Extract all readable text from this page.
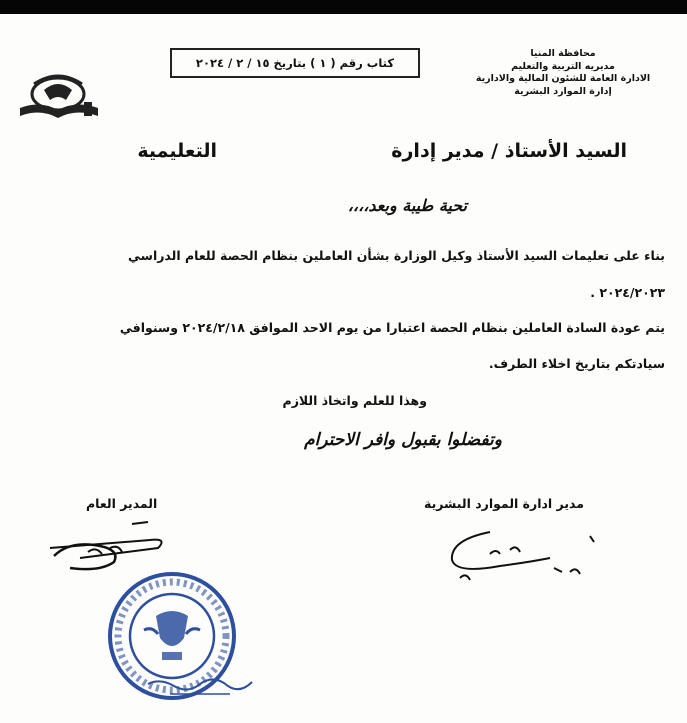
كتاب رقم ( ١ ) بتاريخ ١٥ / ٢ / ٢٠٢٤
محافظة المنيا
مديريه التربية والتعليم
الادارة العامة للشئون المالية والادارية
إدارة الموارد البشرية
السيد الأستاذ / مدير إدارة
التعليمية
تحية طيبة وبعد،،،،
بناء على تعليمات السيد الأستاذ وكيل الوزارة بشأن العاملين بنظام الحصة للعام الدراسي
٢٠٢٤/٢٠٢٣ .
يتم عودة السادة العاملين بنظام الحصة اعتبارا من يوم الاحد الموافق ٢٠٢٤/٢/١٨ وسنوافي
سيادتكم بتاريخ اخلاء الطرف.
وهذا للعلم واتخاذ اللازم
وتفضلوا بقبول وافر الاحترام
المدير العام	مدير ادارة الموارد البشرية
